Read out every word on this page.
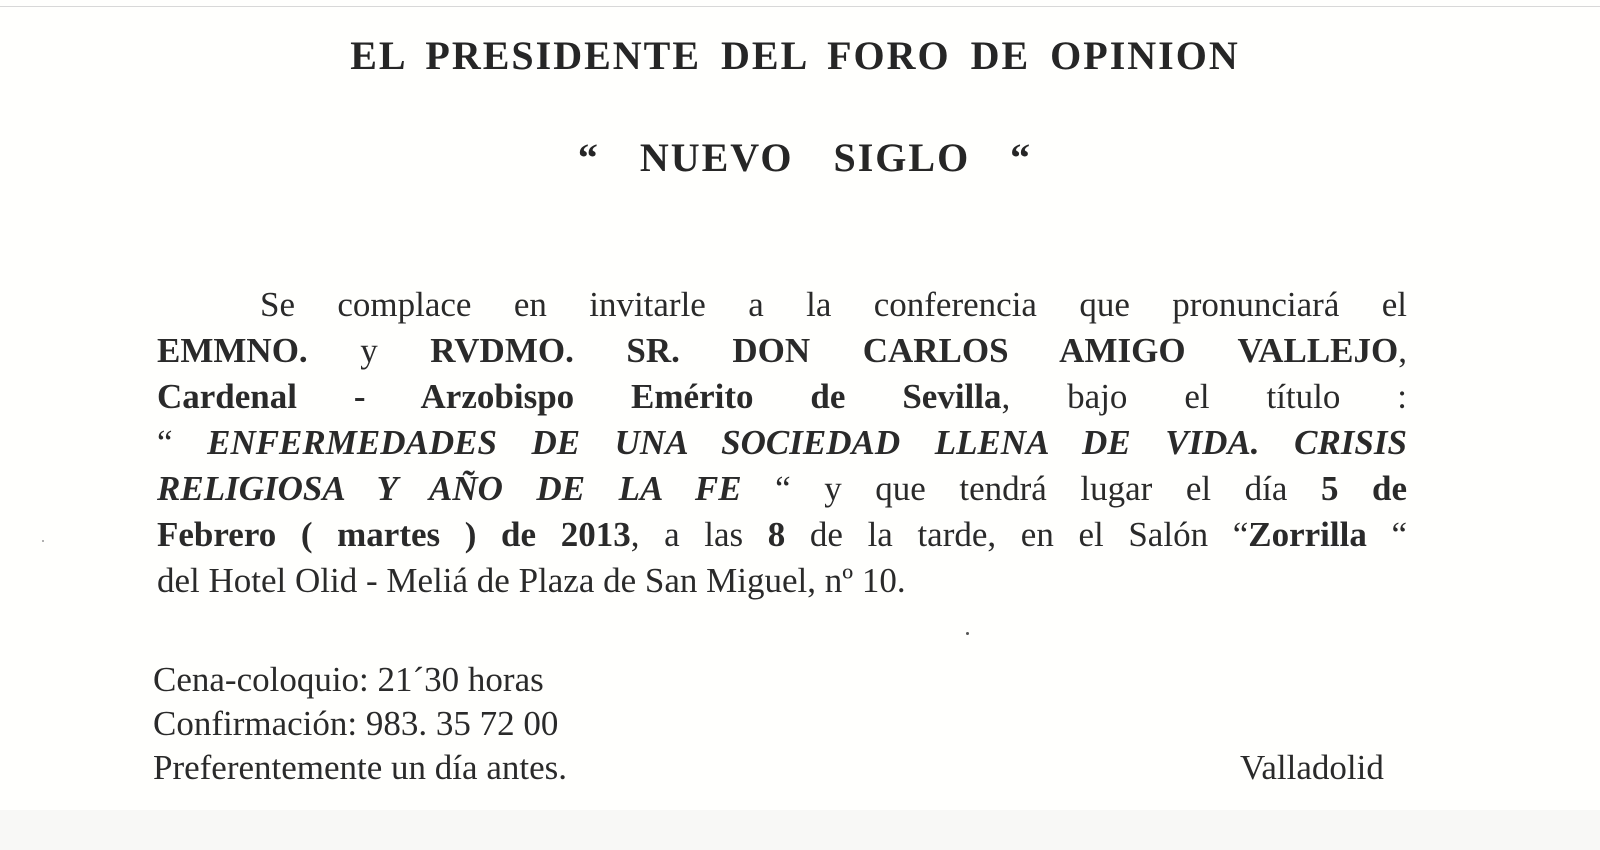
EL PRESIDENTE DEL FORO DE OPINION
“ NUEVO SIGLO “
Se complace en invitarle a la conferencia que pronunciará el
EMMNO. y RVDMO. SR. DON CARLOS AMIGO VALLEJO,
Cardenal - Arzobispo Emérito de Sevilla, bajo el título :
“ ENFERMEDADES DE UNA SOCIEDAD LLENA DE VIDA. CRISIS
RELIGIOSA Y AÑO DE LA FE “ y que tendrá lugar el día 5 de
Febrero ( martes ) de 2013, a las 8 de la tarde, en el Salón “Zorrilla “
del Hotel Olid - Meliá de Plaza de San Miguel, nº 10.
Cena-coloquio: 21´30 horas
Confirmación: 983. 35 72 00
Preferentemente un día antes.	Valladolid
